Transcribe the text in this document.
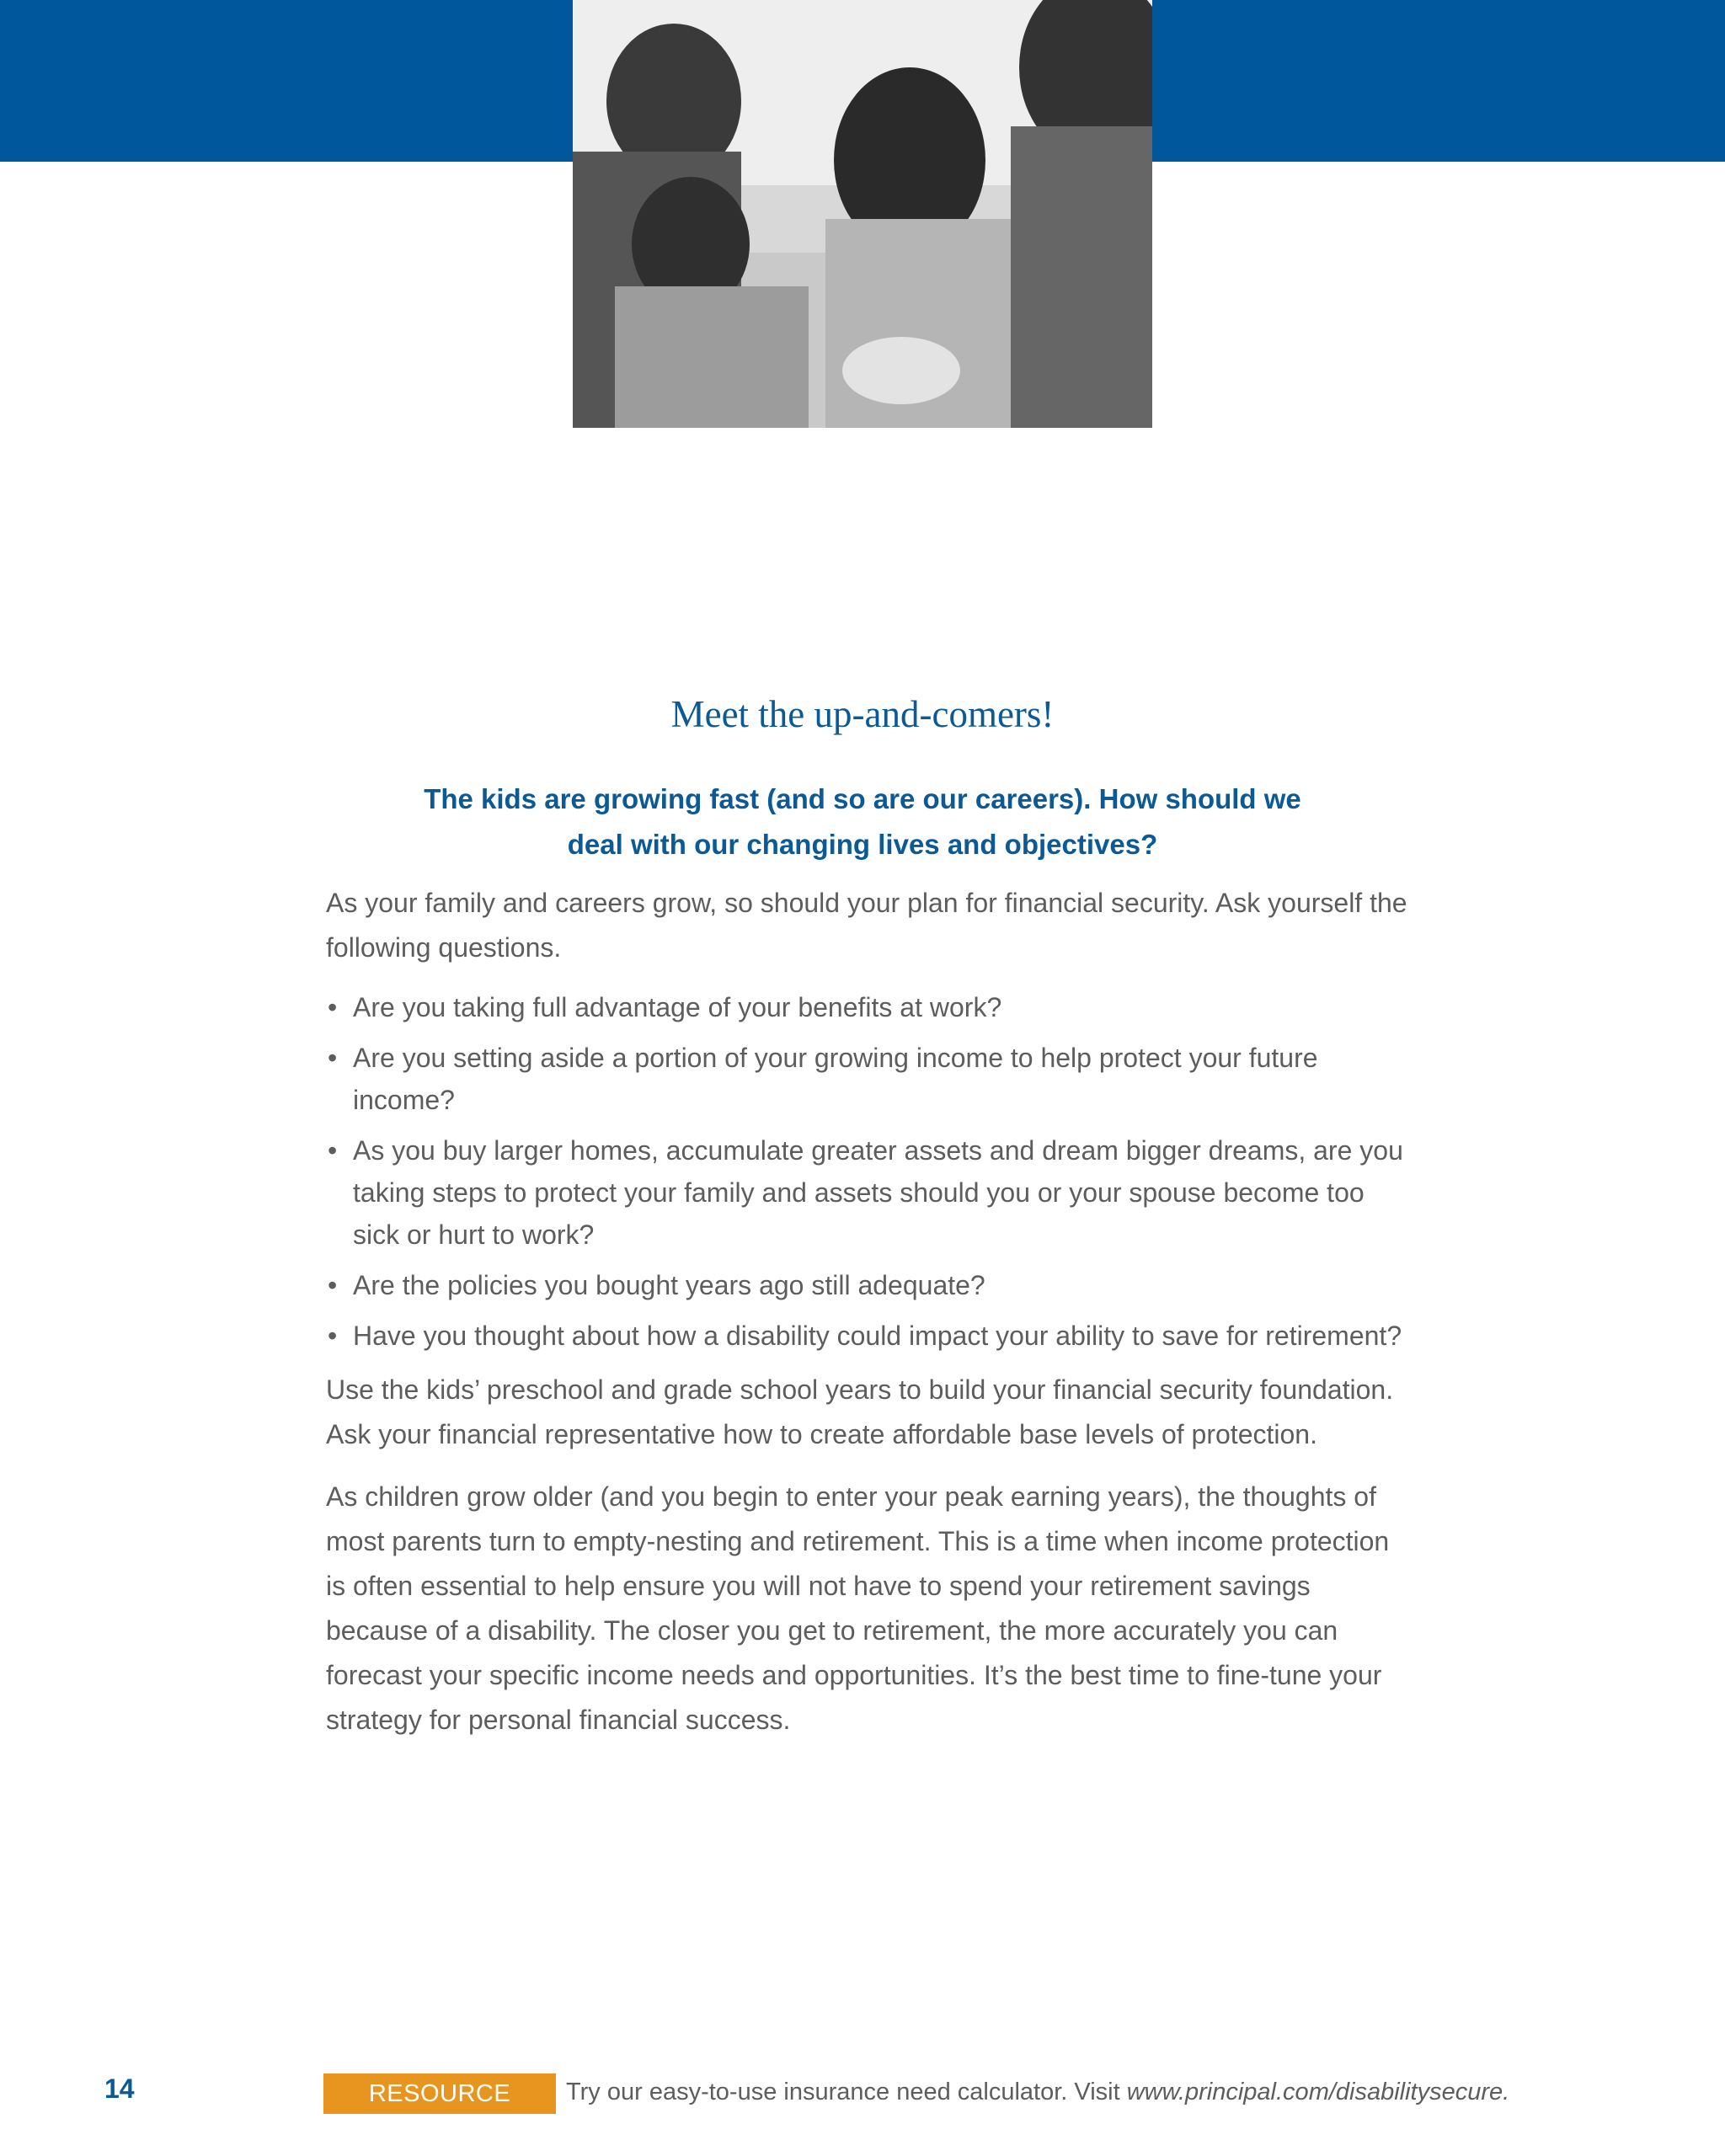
Meet the up-and-comers!

The kids are growing fast (and so are our careers). How should we deal with our changing lives and objectives?

As your family and careers grow, so should your plan for financial security. Ask yourself the following questions.

• Are you taking full advantage of your benefits at work?
• Are you setting aside a portion of your growing income to help protect your future income?
• As you buy larger homes, accumulate greater assets and dream bigger dreams, are you taking steps to protect your family and assets should you or your spouse become too sick or hurt to work?
• Are the policies you bought years ago still adequate?
• Have you thought about how a disability could impact your ability to save for retirement?

Use the kids’ preschool and grade school years to build your financial security foundation. Ask your financial representative how to create affordable base levels of protection.

As children grow older (and you begin to enter your peak earning years), the thoughts of most parents turn to empty-nesting and retirement. This is a time when income protection is often essential to help ensure you will not have to spend your retirement savings because of a disability. The closer you get to retirement, the more accurately you can forecast your specific income needs and opportunities. It’s the best time to fine-tune your strategy for personal financial success.

14	RESOURCE	Try our easy-to-use insurance need calculator. Visit www.principal.com/disabilitysecure.
